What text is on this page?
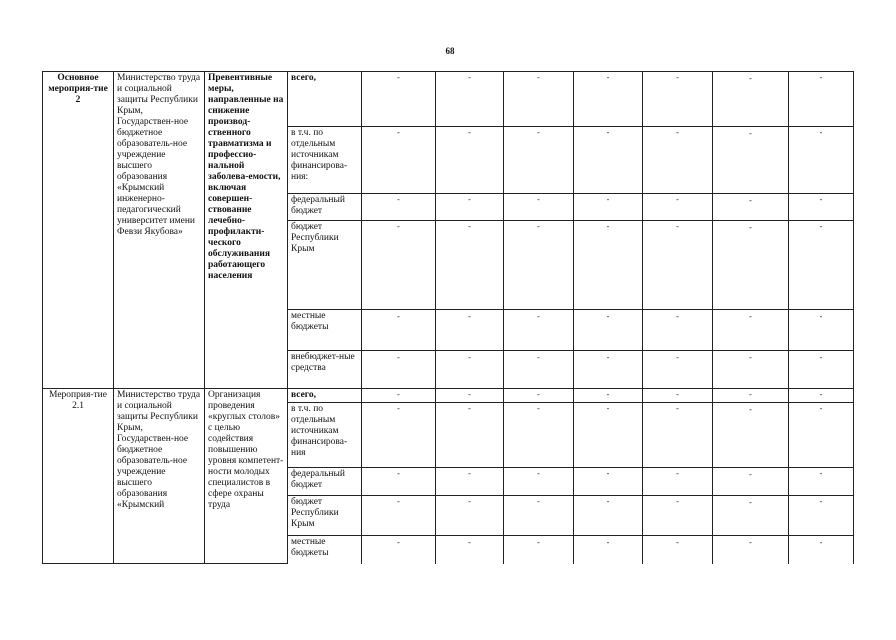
68
Основное мероприя-тие 2	Министерство труда и социальной защиты Республики Крым, Государствен-ное бюджетное образователь-ное учреждение высшего образования «Крымский инженерно-педагогический университет имени Февзи Якубова»	Превентивные меры, направленные на снижение производ-ственного травматизма и профессио-нальной заболева-емости, включая совершен-ствование лечебно-профилакти-ческого обслуживания работающего населения	всего,	-	-	-	-	-	-	-
			в т.ч. по отдельным источникам финансирова-ния:	-	-	-	-	-	-	-
			федеральный бюджет	-	-	-	-	-	-	-
			бюджет Республики Крым	-	-	-	-	-	-	-
			местные бюджеты	-	-	-	-	-	-	-

			внебюджет-ные средства	-	-	-	-	-	-	-

Мероприя-тие 2.1	Министерство труда и социальной защиты Республики Крым, Государствен-ное бюджетное образователь-ное учреждение высшего образования «Крымский	Организация проведения «круглых столов» с целью содействия повышению уровня компетент-ности молодых специалистов в сфере охраны труда	всего,	-	-	-	-	-	-	-
			в т.ч. по отдельным источникам финансирова-ния	-	-	-	-	-	-	-
			федеральный бюджет	-	-	-	-	-	-	-
			бюджет Республики Крым	-	-	-	-	-	-	-
			местные бюджеты	-	-	-	-	-	-	-
